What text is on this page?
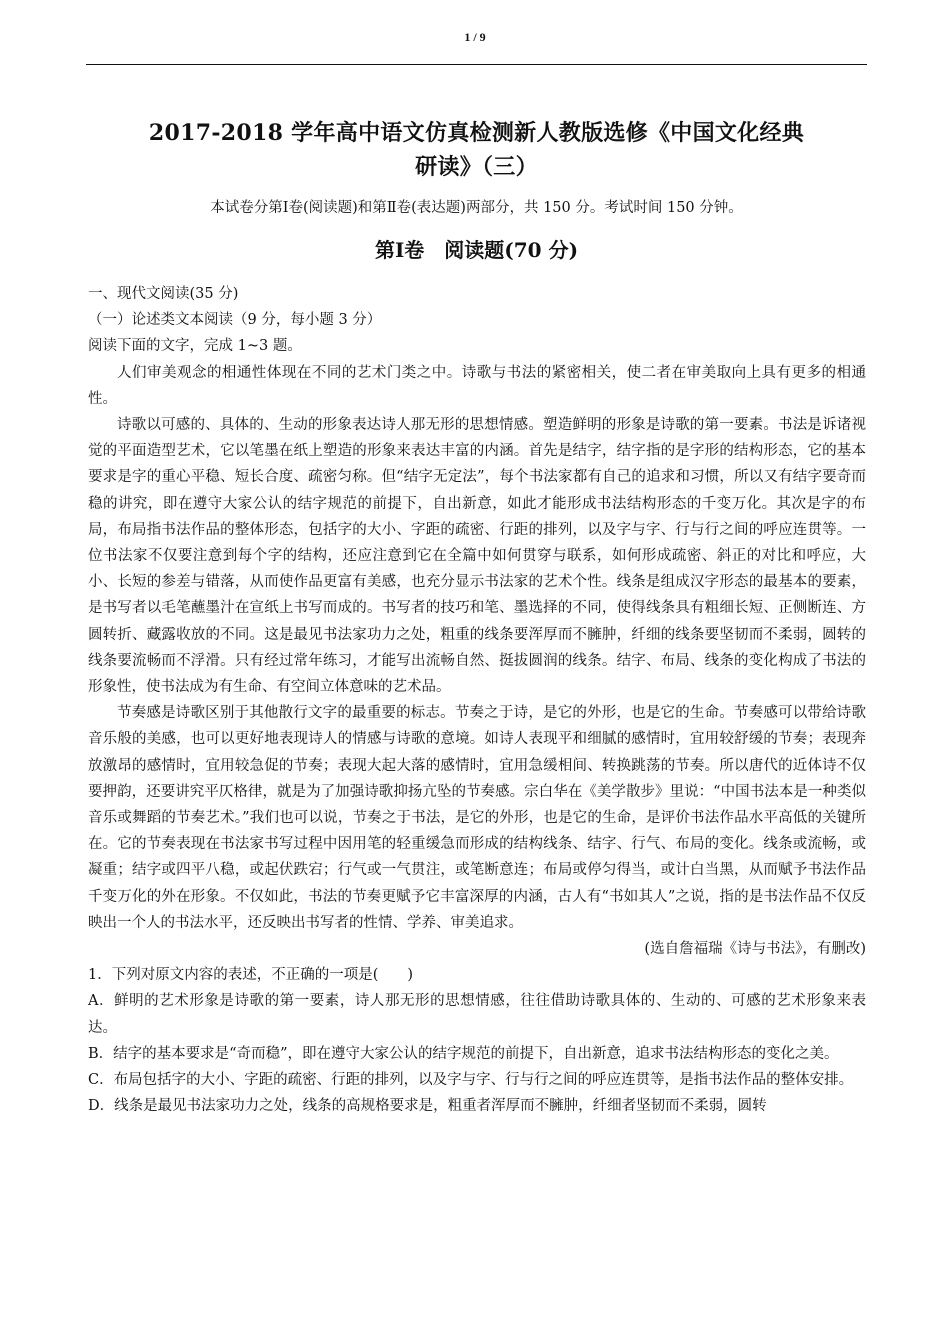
1 / 9
2017-2018 学年高中语文仿真检测新人教版选修《中国文化经典
研读》（三）
本试卷分第Ⅰ卷(阅读题)和第Ⅱ卷(表达题)两部分，共 150 分。考试时间 150 分钟。
第Ⅰ卷　阅读题(70 分)

一、现代文阅读(35 分)

（一）论述类文本阅读（9 分，每小题 3 分）

阅读下面的文字，完成 1~3 题。

人们审美观念的相通性体现在不同的艺术门类之中。诗歌与书法的紧密相关，使二者在审美取向上具有更多的相通性。

诗歌以可感的、具体的、生动的形象表达诗人那无形的思想情感。塑造鲜明的形象是诗歌的第一要素。书法是诉诸视觉的平面造型艺术，它以笔墨在纸上塑造的形象来表达丰富的内涵。首先是结字，结字指的是字形的结构形态，它的基本要求是字的重心平稳、短长合度、疏密匀称。但“结字无定法”，每个书法家都有自己的追求和习惯，所以又有结字要奇而稳的讲究，即在遵守大家公认的结字规范的前提下，自出新意，如此才能形成书法结构形态的千变万化。其次是字的布局，布局指书法作品的整体形态，包括字的大小、字距的疏密、行距的排列，以及字与字、行与行之间的呼应连贯等。一位书法家不仅要注意到每个字的结构，还应注意到它在全篇中如何贯穿与联系，如何形成疏密、斜正的对比和呼应，大小、长短的参差与错落，从而使作品更富有美感，也充分显示书法家的艺术个性。线条是组成汉字形态的最基本的要素，是书写者以毛笔蘸墨汁在宣纸上书写而成的。书写者的技巧和笔、墨选择的不同，使得线条具有粗细长短、正侧断连、方圆转折、藏露收放的不同。这是最见书法家功力之处，粗重的线条要浑厚而不臃肿，纤细的线条要坚韧而不柔弱，圆转的线条要流畅而不浮滑。只有经过常年练习，才能写出流畅自然、挺拔圆润的线条。结字、布局、线条的变化构成了书法的形象性，使书法成为有生命、有空间立体意味的艺术品。

节奏感是诗歌区别于其他散行文字的最重要的标志。节奏之于诗，是它的外形，也是它的生命。节奏感可以带给诗歌音乐般的美感，也可以更好地表现诗人的情感与诗歌的意境。如诗人表现平和细腻的感情时，宜用较舒缓的节奏；表现奔放激昂的感情时，宜用较急促的节奏；表现大起大落的感情时，宜用急缓相间、转换跳荡的节奏。所以唐代的近体诗不仅要押韵，还要讲究平仄格律，就是为了加强诗歌抑扬亢坠的节奏感。宗白华在《美学散步》里说：“中国书法本是一种类似音乐或舞蹈的节奏艺术。”我们也可以说，节奏之于书法，是它的外形，也是它的生命，是评价书法作品水平高低的关键所在。它的节奏表现在书法家书写过程中因用笔的轻重缓急而形成的结构线条、结字、行气、布局的变化。线条或流畅，或凝重；结字或四平八稳，或起伏跌宕；行气或一气贯注，或笔断意连；布局或停匀得当，或计白当黑，从而赋予书法作品千变万化的外在形象。不仅如此，书法的节奏更赋予它丰富深厚的内涵，古人有“书如其人”之说，指的是书法作品不仅反映出一个人的书法水平，还反映出书写者的性情、学养、审美追求。

(选自詹福瑞《诗与书法》，有删改)

1．下列对原文内容的表述，不正确的一项是(　　)

A．鲜明的艺术形象是诗歌的第一要素，诗人那无形的思想情感，往往借助诗歌具体的、生动的、可感的艺术形象来表达。

B．结字的基本要求是“奇而稳”，即在遵守大家公认的结字规范的前提下，自出新意，追求书法结构形态的变化之美。

C．布局包括字的大小、字距的疏密、行距的排列，以及字与字、行与行之间的呼应连贯等，是指书法作品的整体安排。

D．线条是最见书法家功力之处，线条的高规格要求是，粗重者浑厚而不臃肿，纤细者坚韧而不柔弱，圆转
